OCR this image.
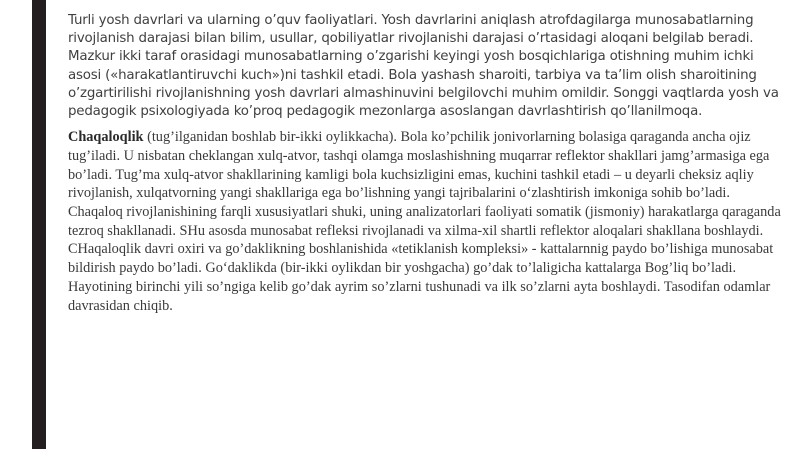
Turli yosh davrlari va ularning o’quv faoliyatlari. Yosh davrlarini aniqlash atrofdagilarga munosabatlarning rivojlanish darajasi bilan bilim, usullar, qobiliyatlar rivojlanishi darajasi o’rtasidagi aloqani belgilab beradi. Mazkur ikki taraf orasidagi munosabatlarning o’zgarishi keyingi yosh bosqichlariga otishning muhim ichki asosi («harakatlantiruvchi kuch»)ni tashkil etadi. Bola yashash sharoiti, tarbiya va ta’lim olish sharoitining o’zgartirilishi rivojlanishning yosh davrlari almashinuvini belgilovchi muhim omildir. Songgi vaqtlarda yosh va pedagogik psixologiyada ko’proq pedagogik mezonlarga asoslangan davrlashtirish qo’llanilmoqa.

Chaqaloqlik (tug’ilganidan boshlab bir-ikki oylikkacha). Bola ko’pchilik jonivorlarning bolasiga qaraganda ancha ojiz tug’iladi. U nisbatan cheklangan xulq-atvor, tashqi olamga moslashishning muqarrar reflektor shakllari jamg’armasiga ega bo’ladi. Tug’ma xulq-atvor shakllarining kamligi bola kuchsizligini emas, kuchini tashkil etadi – u deyarli cheksiz aqliy rivojlanish, xulqatvorning yangi shakllariga ega bo’lishning yangi tajribalarini o‘zlashtirish imkoniga sohib bo’ladi. Chaqaloq rivojlanishining farqli xususiyatlari shuki, uning analizatorlari faoliyati somatik (jismoniy) harakatlarga qaraganda tezroq shakllanadi. SHu asosda munosabat refleksi rivojlanadi va xilma-xil shartli reflektor aloqalari shakllana boshlaydi. CHaqaloqlik davri oxiri va go’daklikning boshlanishida «tetiklanish kompleksi» - kattalarnnig paydo bo’lishiga munosabat bildirish paydo bo’ladi. Go‘daklikda (bir-ikki oylikdan bir yoshgacha) go’dak to’laligicha kattalarga Bog’liq bo’ladi. Hayotining birinchi yili so’ngiga kelib go’dak ayrim so’zlarni tushunadi va ilk so’zlarni ayta boshlaydi. Tasodifan odamlar davrasidan chiqib.
